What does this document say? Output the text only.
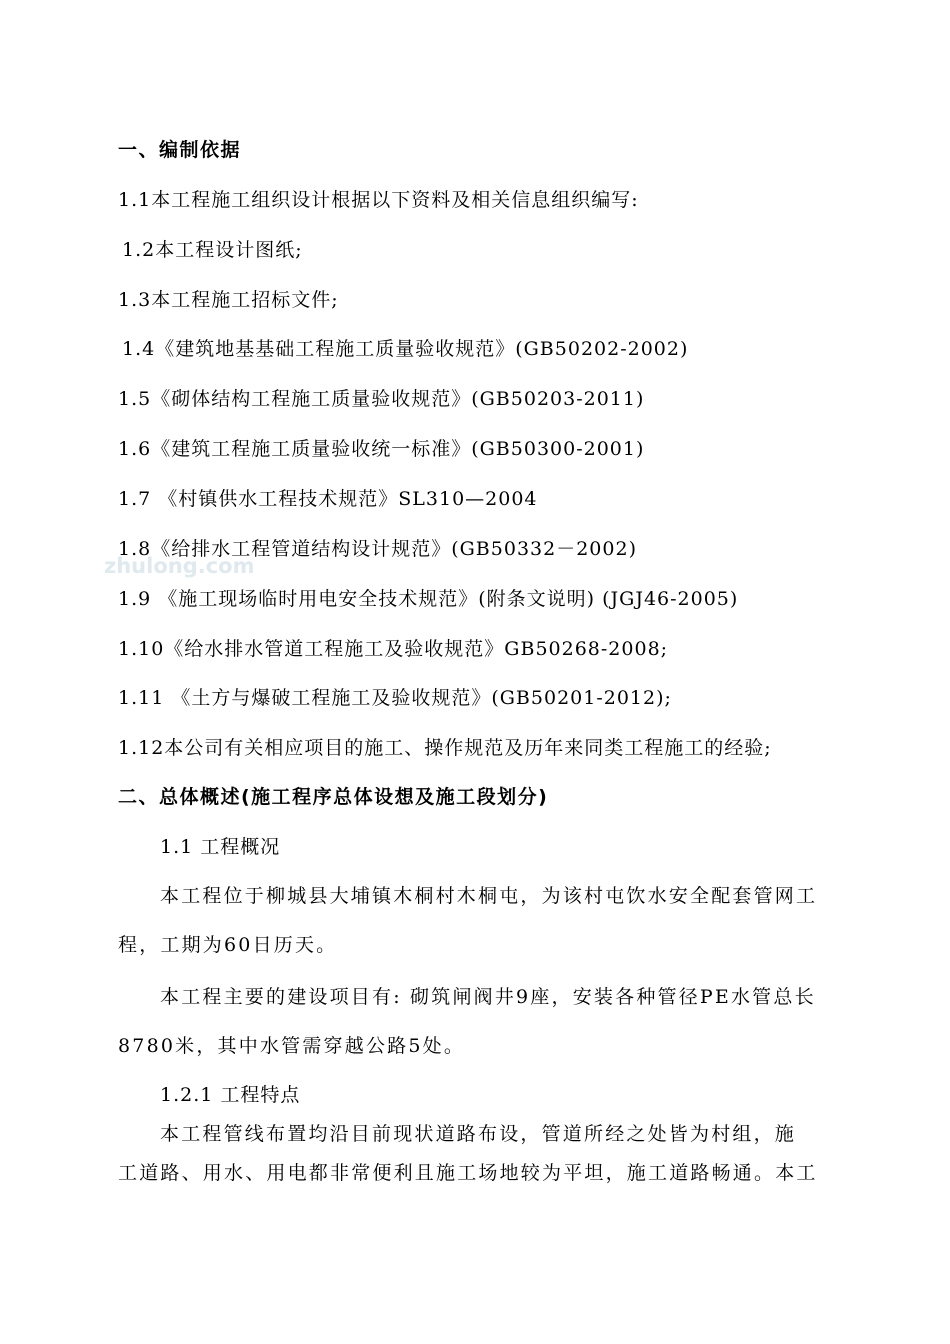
zhulong.com
一、编制依据
1.1本工程施工组织设计根据以下资料及相关信息组织编写:
1.2本工程设计图纸;
1.3本工程施工招标文件;
1.4《建筑地基基础工程施工质量验收规范》(GB50202-2002)
1.5《砌体结构工程施工质量验收规范》(GB50203-2011)
1.6《建筑工程施工质量验收统一标准》(GB50300-2001)
1.7 《村镇供水工程技术规范》SL310—2004
1.8《给排水工程管道结构设计规范》(GB50332－2002)
1.9 《施工现场临时用电安全技术规范》(附条文说明) (JGJ46-2005)
1.10《给水排水管道工程施工及验收规范》GB50268-2008;
1.11 《土方与爆破工程施工及验收规范》(GB50201-2012);
1.12本公司有关相应项目的施工、操作规范及历年来同类工程施工的经验;
二、总体概述(施工程序总体设想及施工段划分)
1.1 工程概况
本工程位于柳城县大埔镇木桐村木桐屯，为该村屯饮水安全配套管网工
程，工期为60日历天。
本工程主要的建设项目有: 砌筑闸阀井9座，安装各种管径PE水管总长
8780米，其中水管需穿越公路5处。
1.2.1 工程特点
本工程管线布置均沿目前现状道路布设，管道所经之处皆为村组，施
工道路、用水、用电都非常便利且施工场地较为平坦，施工道路畅通。本工
